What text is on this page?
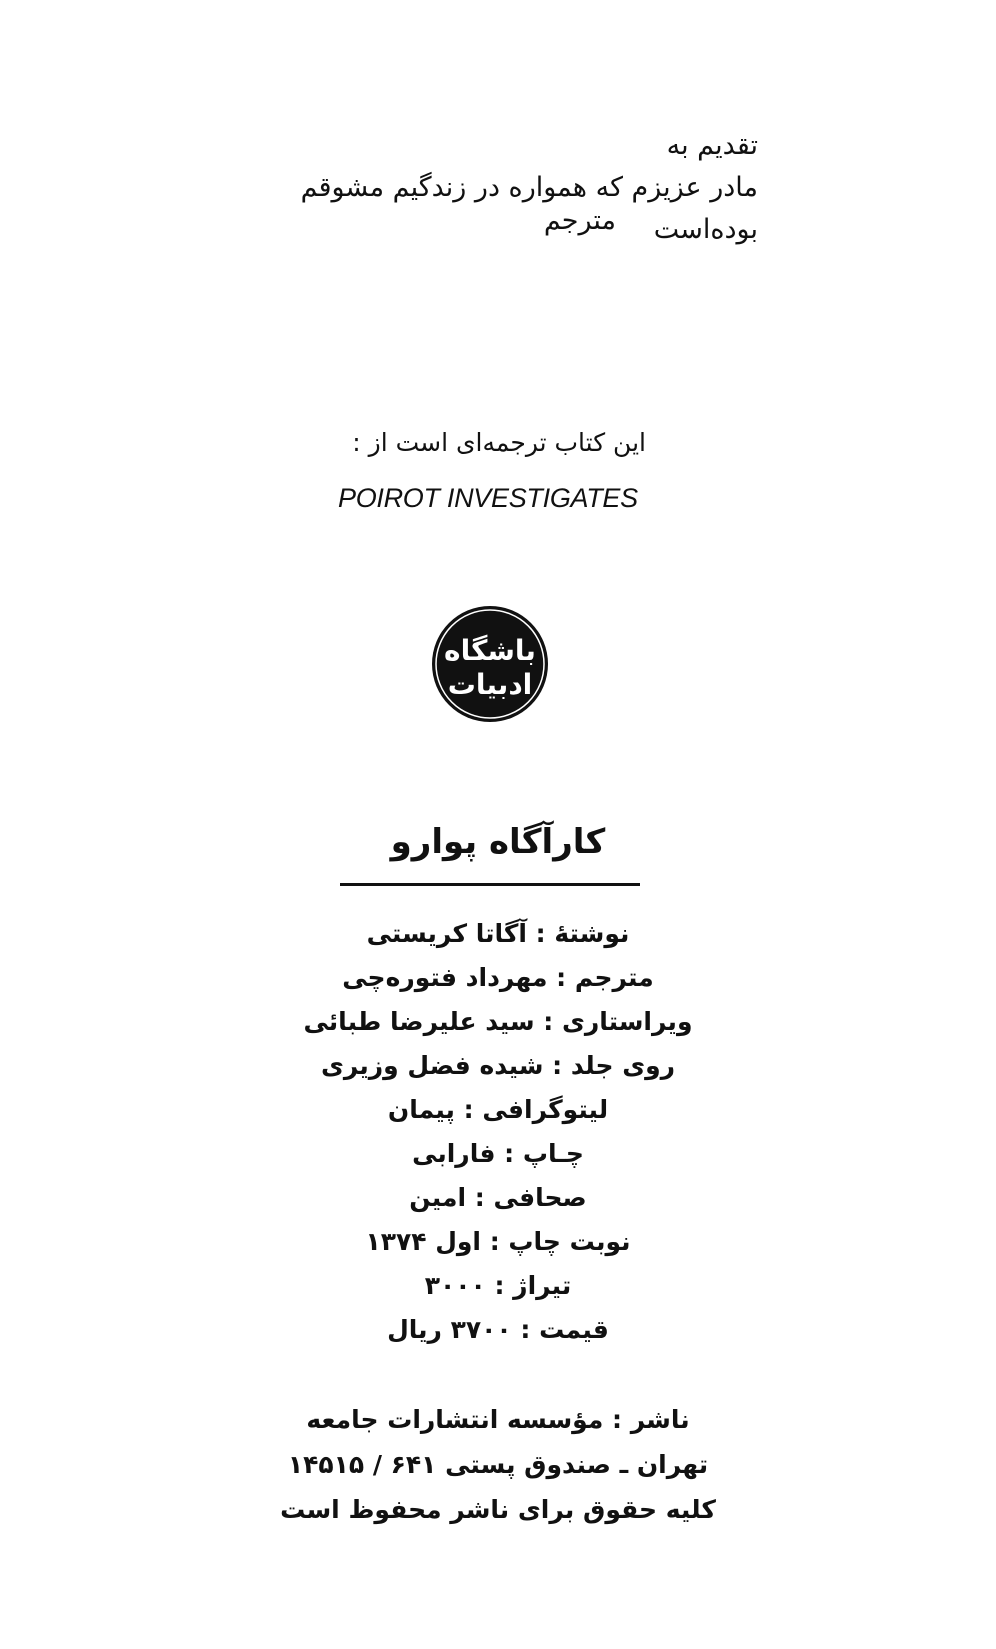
تقدیم به
مادر عزیزم که همواره در زندگیم مشوقم بوده‌است
مترجم
این کتاب ترجمه‌ای است از :
POIROT INVESTIGATES
باشگاه
ادبیات
کارآگاه پوارو
نوشتهٔ : آگاتا کریستی
مترجم : مهرداد فتوره‌چی
ویراستاری : سید علیرضا طبائی
روی جلد : شیده فضل وزیری
لیتوگرافی : پیمان
چـاپ : فارابی
صحافی : امین
نوبت چاپ : اول ۱۳۷۴
تیراژ : ۳۰۰۰
قیمت : ۳۷۰۰ ریال
ناشر : مؤسسه انتشارات جامعه
تهران ـ صندوق پستی ۶۴۱ / ۱۴۵۱۵
کلیه حقوق برای ناشر محفوظ است
